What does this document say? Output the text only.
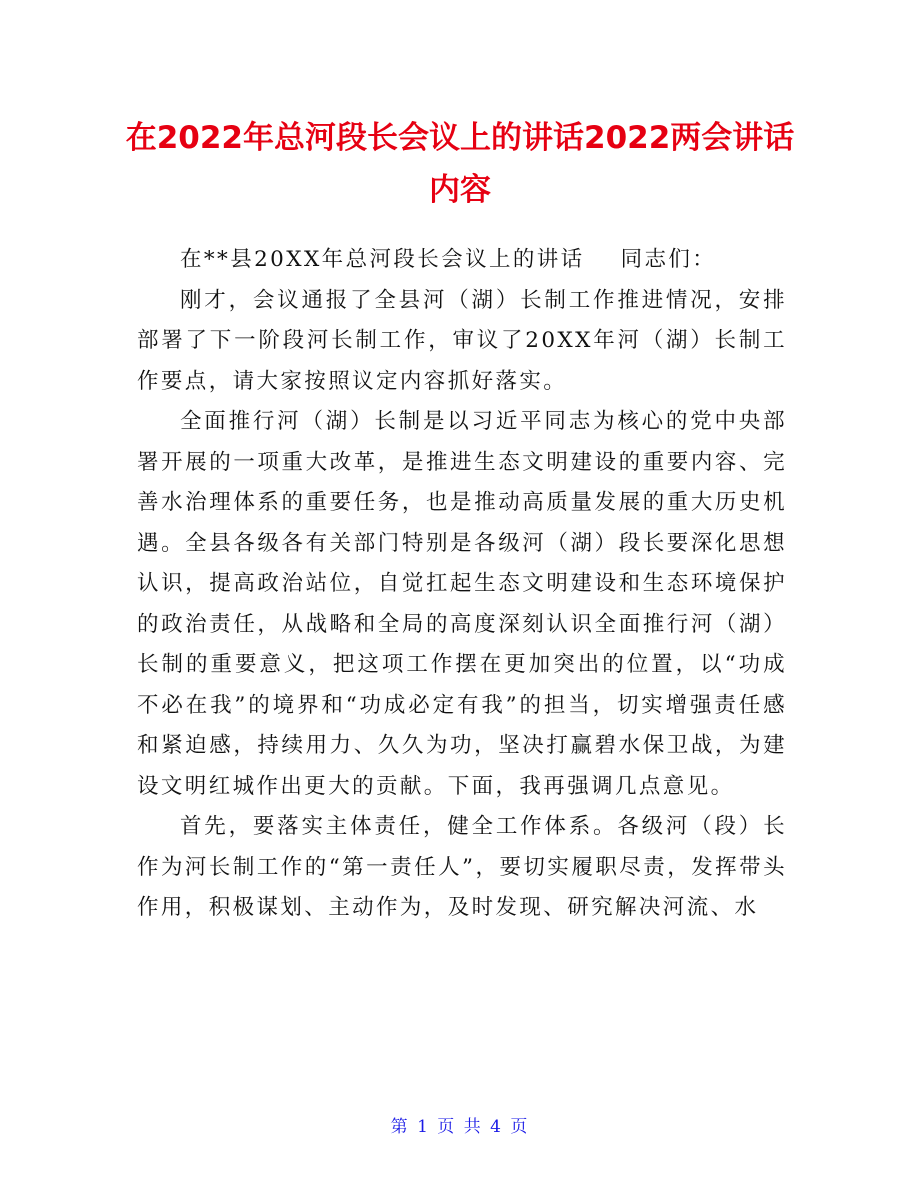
在2022年总河段长会议上的讲话2022两会讲话内容

在**县20XX年总河段长会议上的讲话 同志们：

刚才，会议通报了全县河（湖）长制工作推进情况，安排部署了下一阶段河长制工作，审议了20XX年河（湖）长制工作要点，请大家按照议定内容抓好落实。

全面推行河（湖）长制是以习近平同志为核心的党中央部署开展的一项重大改革，是推进生态文明建设的重要内容、完善水治理体系的重要任务，也是推动高质量发展的重大历史机遇。全县各级各有关部门特别是各级河（湖）段长要深化思想认识，提高政治站位，自觉扛起生态文明建设和生态环境保护的政治责任，从战略和全局的高度深刻认识全面推行河（湖）长制的重要意义，把这项工作摆在更加突出的位置，以“功成不必在我”的境界和“功成必定有我”的担当，切实增强责任感和紧迫感，持续用力、久久为功，坚决打赢碧水保卫战，为建设文明红城作出更大的贡献。下面，我再强调几点意见。

首先，要落实主体责任，健全工作体系。各级河（段）长作为河长制工作的“第一责任人”，要切实履职尽责，发挥带头作用，积极谋划、主动作为，及时发现、研究解决河流、水

第 1 页 共 4 页
